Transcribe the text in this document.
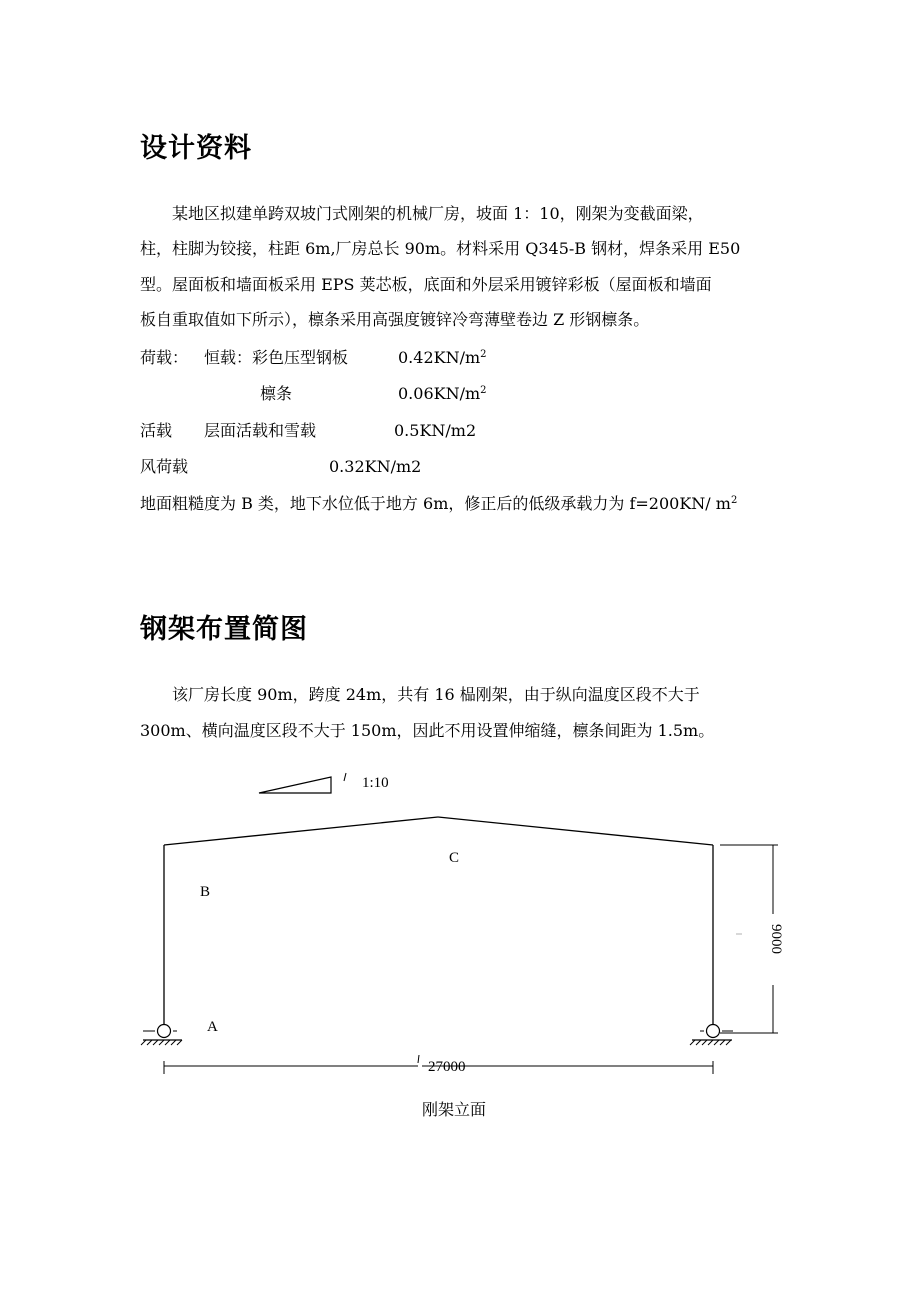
设计资料
某地区拟建单跨双坡门式刚架的机械厂房，坡面 1：10，刚架为变截面梁，
柱，柱脚为铰接，柱距 6m,厂房总长 90m。材料采用 Q345-B 钢材，焊条采用 E50
型。屋面板和墙面板采用 EPS 荚芯板，底面和外层采用镀锌彩板（屋面板和墙面
板自重取值如下所示），檩条采用高强度镀锌冷弯薄壁卷边 Z 形钢檩条。
荷载： 恒载：彩色压型钢板	$0.42KN/m^2$
檩条	$0.06KN/m^2$
活载 层面活载和雪载	0.5KN/m2
风荷载	0.32KN/m2
地面粗糙度为 B 类，地下水位低于地方 6m，修正后的低级承载力为 f=200KN/ $m^2$
钢架布置简图
该厂房长度 90m，跨度 24m，共有 16 榀刚架，由于纵向温度区段不大于
300m、横向温度区段不大于 150m，因此不用设置伸缩缝，檩条间距为 1.5m。
1:10
A
B
C
27000
9000
刚架立面
